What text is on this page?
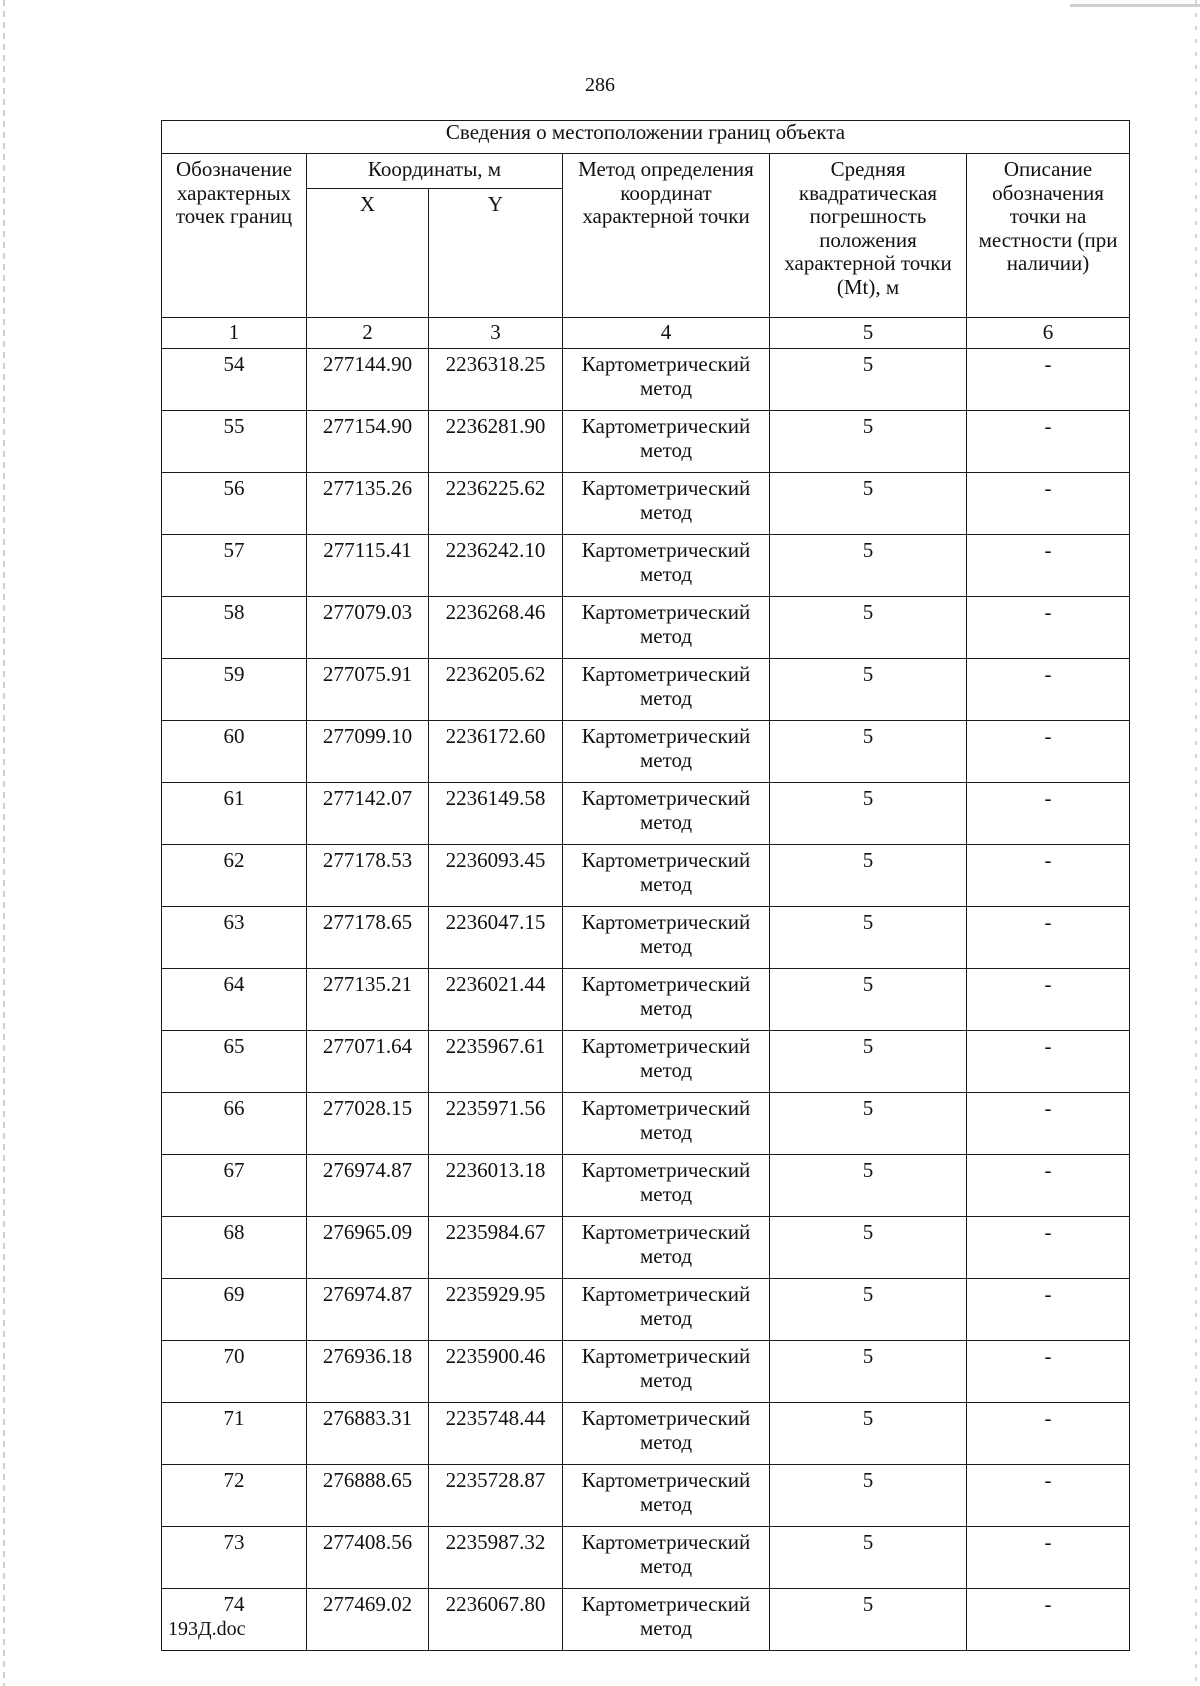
286
Сведения о местоположении границ объекта					
Обозначение характерных точек границ	Координаты, м		Метод определения координат характерной точки	Средняя квадратическая погрешность положения характерной точки (Mt), м	Описание обозначения точки на местности (при наличии)
	X	Y			
1	2	3	4	5	6
54	277144.90	2236318.25	Картометрический метод	5	-
55	277154.90	2236281.90	Картометрический метод	5	-
56	277135.26	2236225.62	Картометрический метод	5	-
57	277115.41	2236242.10	Картометрический метод	5	-
58	277079.03	2236268.46	Картометрический метод	5	-
59	277075.91	2236205.62	Картометрический метод	5	-
60	277099.10	2236172.60	Картометрический метод	5	-
61	277142.07	2236149.58	Картометрический метод	5	-
62	277178.53	2236093.45	Картометрический метод	5	-
63	277178.65	2236047.15	Картометрический метод	5	-
64	277135.21	2236021.44	Картометрический метод	5	-
65	277071.64	2235967.61	Картометрический метод	5	-
66	277028.15	2235971.56	Картометрический метод	5	-
67	276974.87	2236013.18	Картометрический метод	5	-
68	276965.09	2235984.67	Картометрический метод	5	-
69	276974.87	2235929.95	Картометрический метод	5	-
70	276936.18	2235900.46	Картометрический метод	5	-
71	276883.31	2235748.44	Картометрический метод	5	-
72	276888.65	2235728.87	Картометрический метод	5	-
73	277408.56	2235987.32	Картометрический метод	5	-
74	277469.02	2236067.80	Картометрический метод	5	-
193Д.doc
